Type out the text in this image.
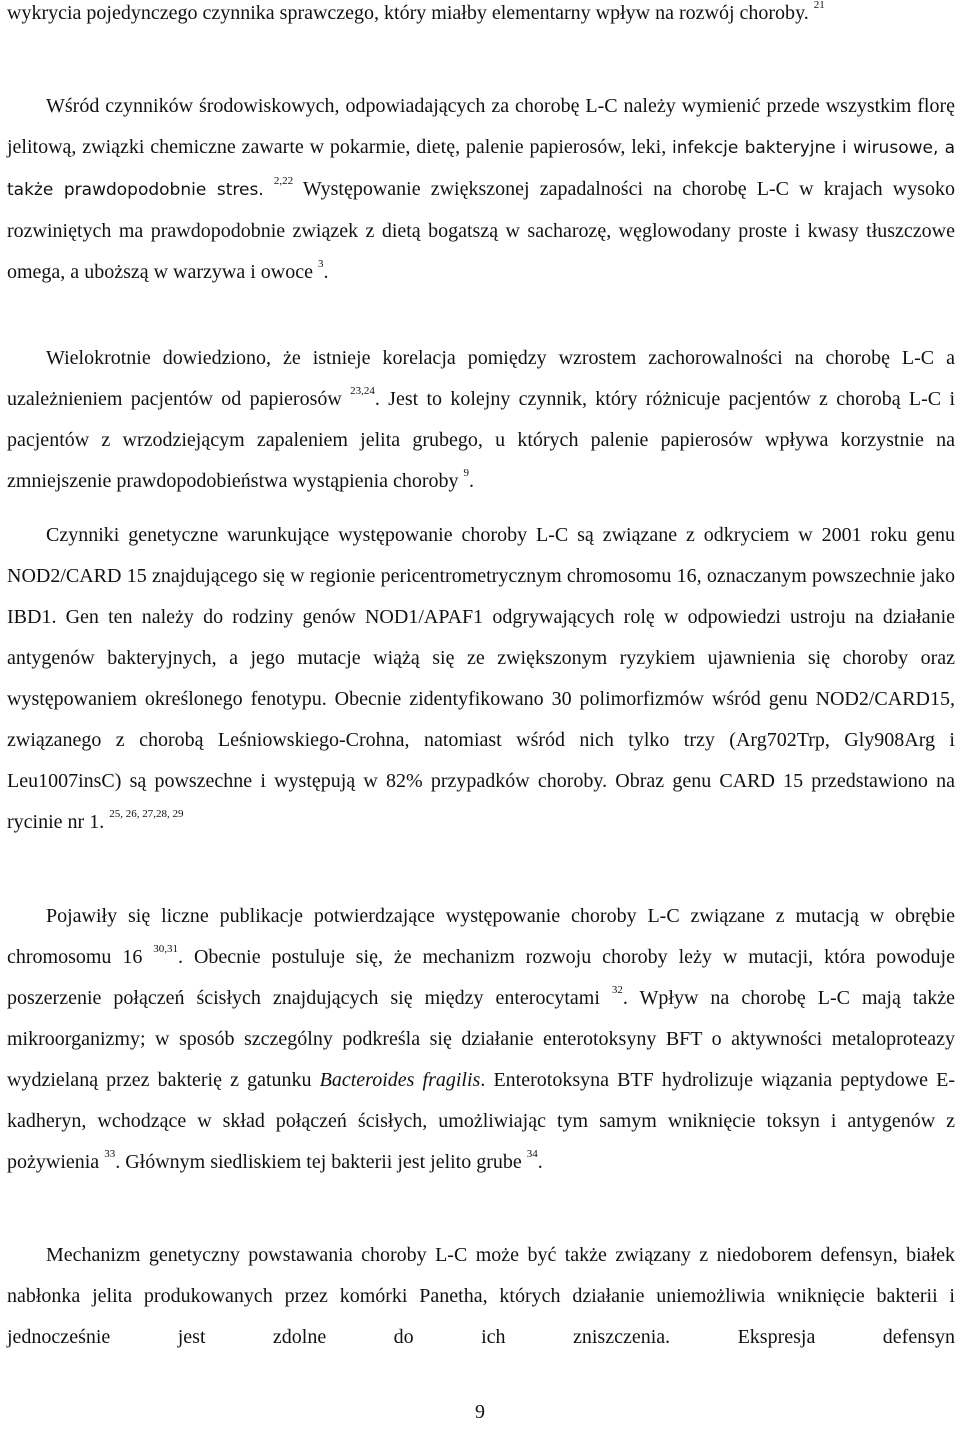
wykrycia pojedynczego czynnika sprawczego, który miałby elementarny wpływ na rozwój choroby. $^{21}$

Wśród czynników środowiskowych, odpowiadających za chorobę L-C należy wymienić przede wszystkim florę jelitową, związki chemiczne zawarte w pokarmie, dietę, palenie papierosów, leki, infekcje bakteryjne i wirusowe, a także prawdopodobnie stres. $^{2,22}$ Występowanie zwiększonej zapadalności na chorobę L-C w krajach wysoko rozwiniętych ma prawdopodobnie związek z dietą bogatszą w sacharozę, węglowodany proste i kwasy tłuszczowe omega, a uboższą w warzywa i owoce $^3$.

Wielokrotnie dowiedziono, że istnieje korelacja pomiędzy wzrostem zachorowalności na chorobę L-C a uzależnieniem pacjentów od papierosów $^{23,24}$. Jest to kolejny czynnik, który różnicuje pacjentów z chorobą L-C i pacjentów z wrzodziejącym zapaleniem jelita grubego, u których palenie papierosów wpływa korzystnie na zmniejszenie prawdopodobieństwa wystąpienia choroby $^9$.

Czynniki genetyczne warunkujące występowanie choroby L-C są związane z odkryciem w 2001 roku genu NOD2/CARD 15 znajdującego się w regionie pericentrometrycznym chromosomu 16, oznaczanym powszechnie jako IBD1. Gen ten należy do rodziny genów NOD1/APAF1 odgrywających rolę w odpowiedzi ustroju na działanie antygenów bakteryjnych, a jego mutacje wiążą się ze zwiększonym ryzykiem ujawnienia się choroby oraz występowaniem określonego fenotypu. Obecnie zidentyfikowano 30 polimorfizmów wśród genu NOD2/CARD15, związanego z chorobą Leśniowskiego-Crohna, natomiast wśród nich tylko trzy (Arg702Trp, Gly908Arg i Leu1007insC) są powszechne i występują w 82% przypadków choroby. Obraz genu CARD 15 przedstawiono na rycinie nr 1. $^{25, 26, 27,28, 29}$

Pojawiły się liczne publikacje potwierdzające występowanie choroby L-C związane z mutacją w obrębie chromosomu 16 $^{30,31}$. Obecnie postuluje się, że mechanizm rozwoju choroby leży w mutacji, która powoduje poszerzenie połączeń ścisłych znajdujących się między enterocytami $^{32}$. Wpływ na chorobę L-C mają także mikroorganizmy; w sposób szczególny podkreśla się działanie enterotoksyny BFT o aktywności metaloproteazy wydzielaną przez bakterię z gatunku Bacteroides fragilis. Enterotoksyna BTF hydrolizuje wiązania peptydowe E-kadheryn, wchodzące w skład połączeń ścisłych, umożliwiając tym samym wniknięcie toksyn i antygenów z pożywienia $^{33}$. Głównym siedliskiem tej bakterii jest jelito grube $^{34}$.

Mechanizm genetyczny powstawania choroby L-C może być także związany z niedoborem defensyn, białek nabłonka jelita produkowanych przez komórki Panetha, których działanie uniemożliwia wniknięcie bakterii i jednocześnie jest zdolne do ich zniszczenia. Ekspresja defensyn

9
